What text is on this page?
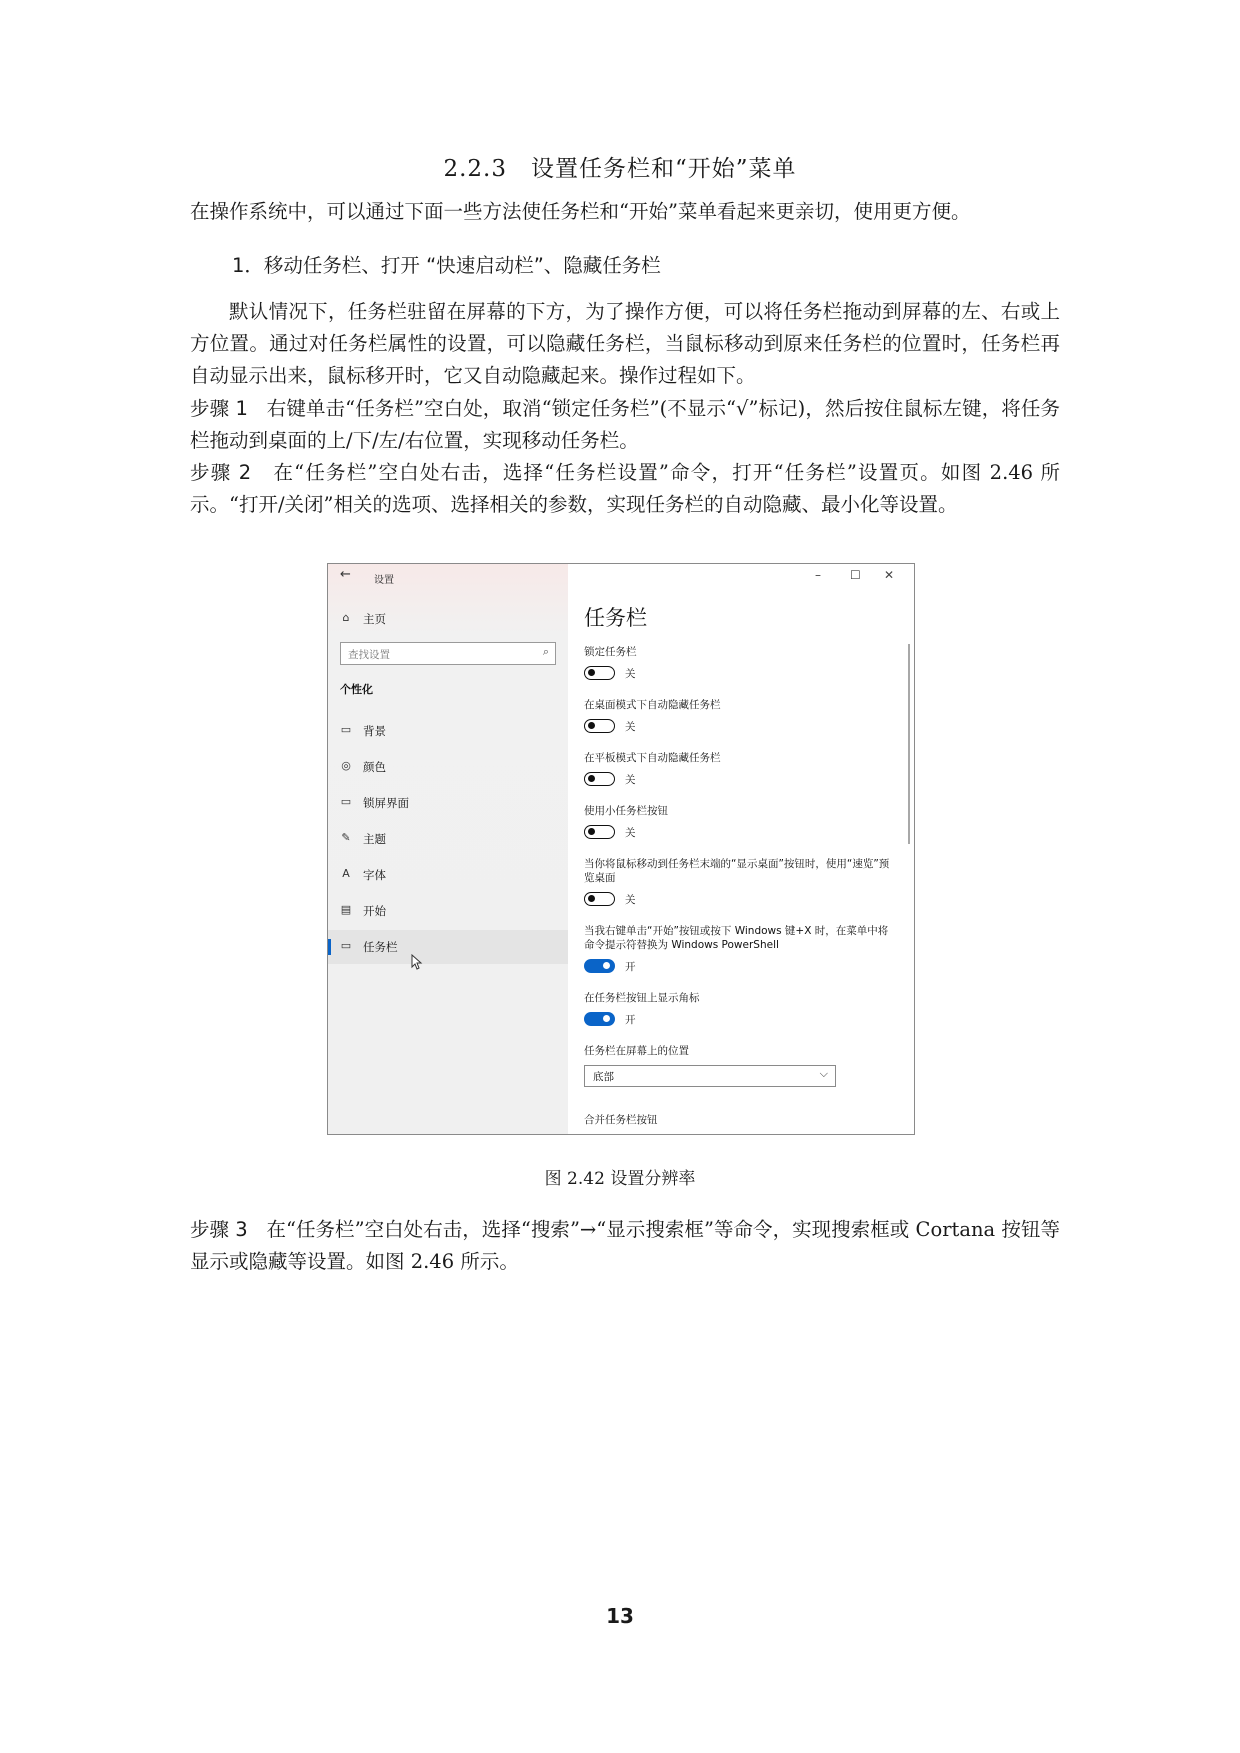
2.2.3　设置任务栏和“开始”菜单
在操作系统中，可以通过下面一些方法使任务栏和“开始”菜单看起来更亲切，使用更方便。
1．移动任务栏、打开 “快速启动栏”、隐藏任务栏
默认情况下，任务栏驻留在屏幕的下方，为了操作方便，可以将任务栏拖动到屏幕的左、右或上方位置。通过对任务栏属性的设置，可以隐藏任务栏，当鼠标移动到原来任务栏的位置时，任务栏再自动显示出来，鼠标移开时，它又自动隐藏起来。操作过程如下。
步骤 1 右键单击“任务栏”空白处，取消“锁定任务栏”(不显示“√”标记)，然后按住鼠标左键，将任务栏拖动到桌面的上/下/左/右位置，实现移动任务栏。
步骤 2 在“任务栏”空白处右击，选择“任务栏设置”命令，打开“任务栏”设置页。如图 2.46 所示。“打开/关闭”相关的选项、选择相关的参数，实现任务栏的自动隐藏、最小化等设置。
← 设置
⌂	主页
查找设置	⌕
个性化
▭ 背景
◎ 颜色
▭ 锁屏界面
✎ 主题
A 字体
▤ 开始
▭ 任务栏
– ☐ ✕
任务栏
锁定任务栏
关
在桌面模式下自动隐藏任务栏
关
在平板模式下自动隐藏任务栏
关
使用小任务栏按钮
关
当你将鼠标移动到任务栏末端的“显示桌面”按钮时，使用“速览”预览桌面
关
当我右键单击“开始”按钮或按下 Windows 键+X 时，在菜单中将命令提示符替换为 Windows PowerShell
开
在任务栏按钮上显示角标
开
任务栏在屏幕上的位置
底部	⌵
合并任务栏按钮
图 2.42 设置分辨率
步骤 3 在“任务栏”空白处右击，选择“搜索”→“显示搜索框”等命令，实现搜索框或 Cortana 按钮等显示或隐藏等设置。如图 2.46 所示。
13
